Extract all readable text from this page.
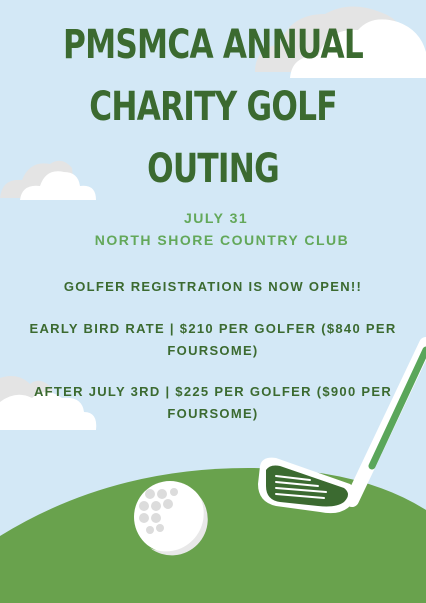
PMSMCA ANNUAL
CHARITY GOLF
OUTING
JULY 31
NORTH SHORE COUNTRY CLUB
GOLFER REGISTRATION IS NOW OPEN!!
EARLY BIRD RATE | $210 PER GOLFER ($840 PER FOURSOME)
AFTER JULY 3RD | $225 PER GOLFER ($900 PER FOURSOME)
